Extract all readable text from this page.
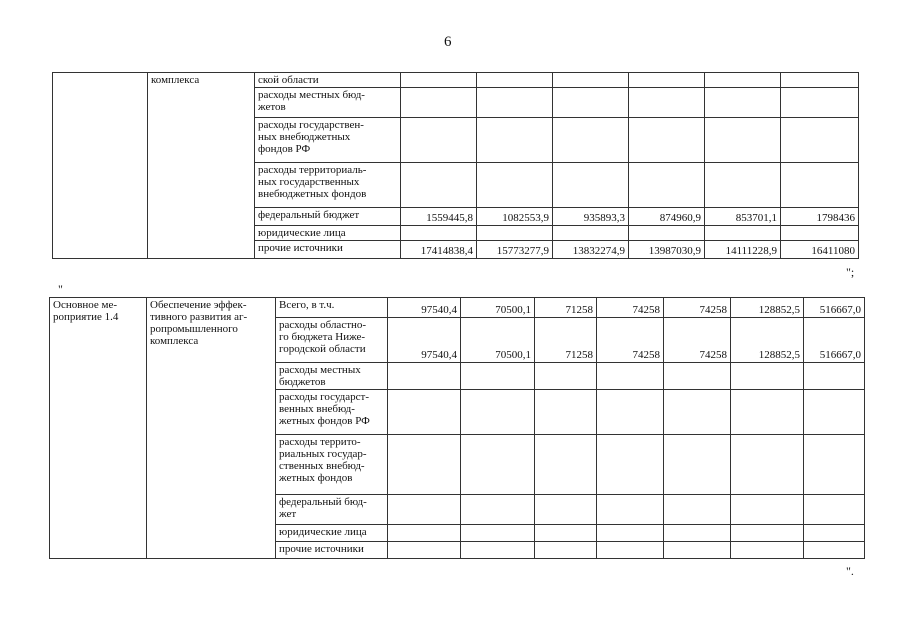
6
	комплекса	ской области						
		расходы местных бюд-
жетов						
		расходы государствен-
ных внебюджетных
фондов РФ						
		расходы территориаль-
ных государственных
внебюджетных фондов						
		федеральный бюджет	1559445,8	1082553,9	935893,3	874960,9	853701,1	1798436
		юридические лица						
		прочие источники	17414838,4	15773277,9	13832274,9	13987030,9	14111228,9	16411080
";
"
Основное ме-
роприятие 1.4	Обеспечение эффек-
тивного развития аг-
ропромышленного
комплекса	Всего, в т.ч.	97540,4	70500,1	71258	74258	74258	128852,5	516667,0
		расходы областно-
го бюджета Ниже-
городской области	97540,4	70500,1	71258	74258	74258	128852,5	516667,0
		расходы местных
бюджетов							
		расходы государст-
венных внебюд-
жетных фондов РФ							
		расходы террито-
риальных государ-
ственных внебюд-
жетных фондов							
		федеральный бюд-
жет							
		юридические лица							
		прочие источники							
".
